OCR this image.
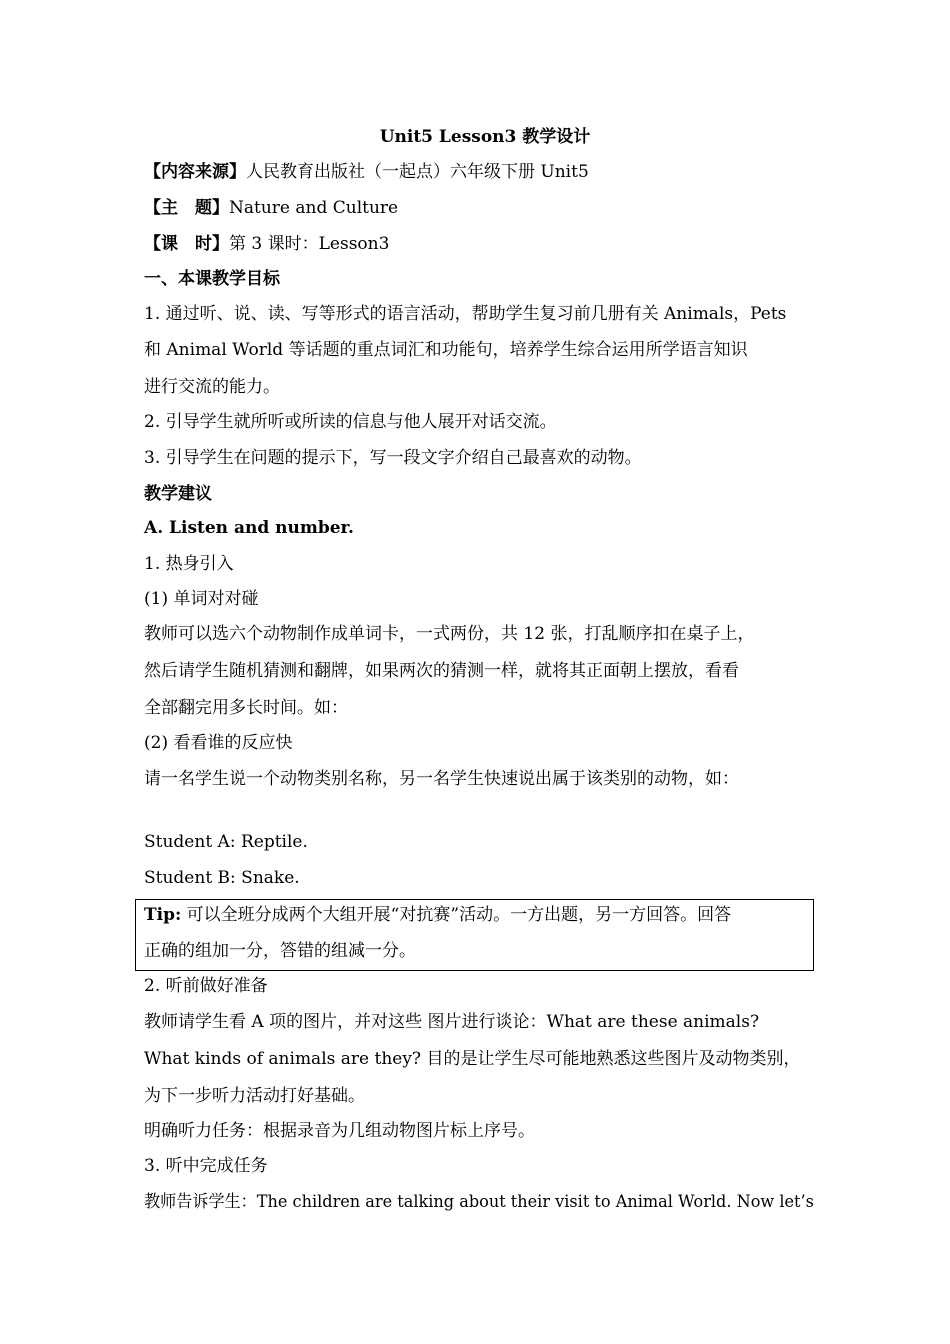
Unit5 Lesson3 教学设计
【内容来源】人民教育出版社（一起点）六年级下册 Unit5
【主　题】Nature and Culture
【课　时】第 3 课时：Lesson3
一、本课教学目标
1. 通过听、说、读、写等形式的语言活动，帮助学生复习前几册有关 Animals，Pets
和 Animal World 等话题的重点词汇和功能句，培养学生综合运用所学语言知识
进行交流的能力。
2. 引导学生就所听或所读的信息与他人展开对话交流。
3. 引导学生在问题的提示下，写一段文字介绍自己最喜欢的动物。
教学建议
A. Listen and number.
1. 热身引入
(1) 单词对对碰
教师可以选六个动物制作成单词卡，一式两份，共 12 张，打乱顺序扣在桌子上，
然后请学生随机猜测和翻牌，如果两次的猜测一样，就将其正面朝上摆放，看看
全部翻完用多长时间。如：
(2) 看看谁的反应快
请一名学生说一个动物类别名称，另一名学生快速说出属于该类别的动物，如：
Student A: Reptile.
Student B: Snake.
Tip: 可以全班分成两个大组开展“对抗赛”活动。一方出题，另一方回答。回答
正确的组加一分，答错的组减一分。
2. 听前做好准备
教师请学生看 A 项的图片，并对这些 图片进行谈论：What are these animals?
What kinds of animals are they? 目的是让学生尽可能地熟悉这些图片及动物类别，
为下一步听力活动打好基础。
明确听力任务：根据录音为几组动物图片标上序号。
3. 听中完成任务
教师告诉学生：The children are talking about their visit to Animal World. Now let’s
